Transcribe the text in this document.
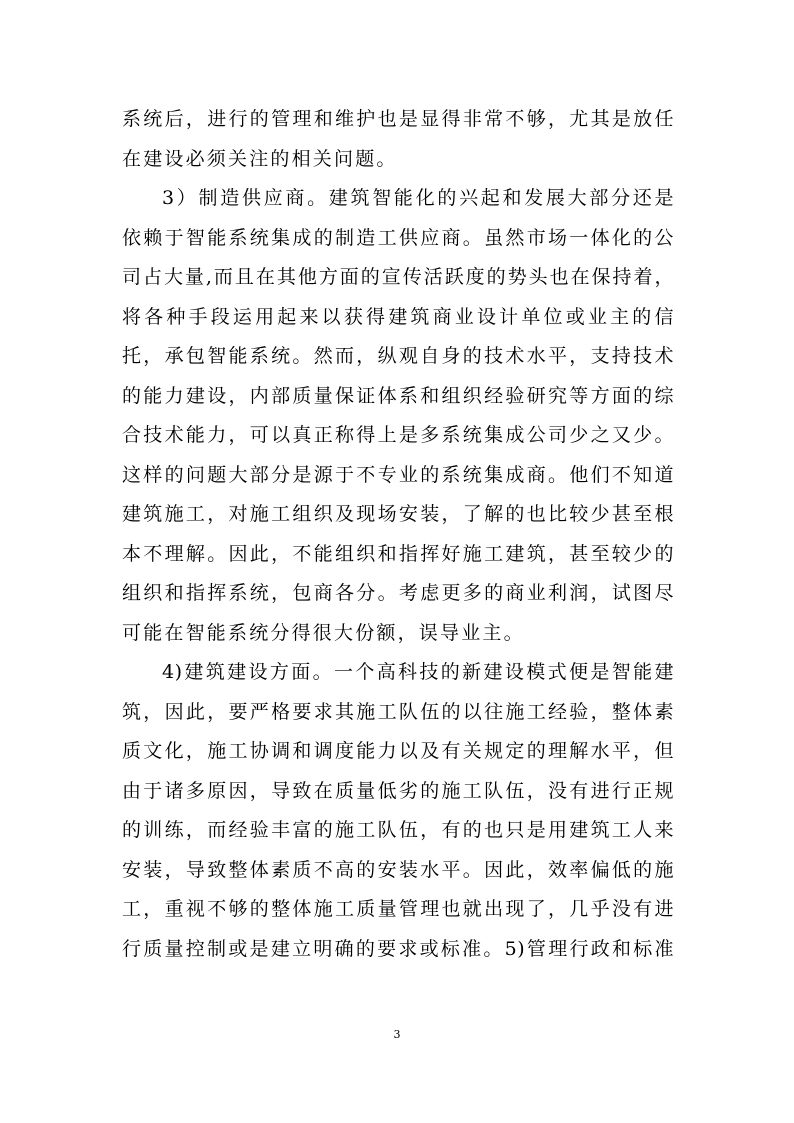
系统后，进行的管理和维护也是显得非常不够，尤其是放任
在建设必须关注的相关问题。
3）制造供应商。建筑智能化的兴起和发展大部分还是
依赖于智能系统集成的制造工供应商。虽然市场一体化的公
司占大量,而且在其他方面的宣传活跃度的势头也在保持着，
将各种手段运用起来以获得建筑商业设计单位或业主的信
托，承包智能系统。然而，纵观自身的技术水平，支持技术
的能力建设，内部质量保证体系和组织经验研究等方面的综
合技术能力，可以真正称得上是多系统集成公司少之又少。
这样的问题大部分是源于不专业的系统集成商。他们不知道
建筑施工，对施工组织及现场安装，了解的也比较少甚至根
本不理解。因此，不能组织和指挥好施工建筑，甚至较少的
组织和指挥系统，包商各分。考虑更多的商业利润，试图尽
可能在智能系统分得很大份额，误导业主。
4)建筑建设方面。一个高科技的新建设模式便是智能建
筑，因此，要严格要求其施工队伍的以往施工经验，整体素
质文化，施工协调和调度能力以及有关规定的理解水平，但
由于诸多原因，导致在质量低劣的施工队伍，没有进行正规
的训练，而经验丰富的施工队伍，有的也只是用建筑工人来
安装，导致整体素质不高的安装水平。因此，效率偏低的施
工，重视不够的整体施工质量管理也就出现了，几乎没有进
行质量控制或是建立明确的要求或标准。5)管理行政和标准
3
